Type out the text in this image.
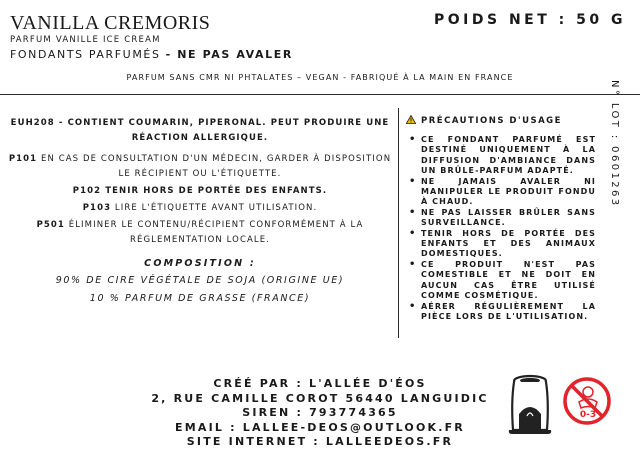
VANILLA CREMORIS
PARFUM VANILLE ICE CREAM
FONDANTS PARFUMÉS - NE PAS AVALER
POIDS NET : 50 G
PARFUM SANS CMR NI PHTALATES – VEGAN - FABRIQUÉ À LA MAIN EN FRANCE

EUH208 - CONTIENT COUMARIN, PIPERONAL. PEUT PRODUIRE UNE RÉACTION ALLERGIQUE.

P101 EN CAS DE CONSULTATION D'UN MÉDECIN, GARDER À DISPOSITION LE RÉCIPIENT OU L'ÉTIQUETTE.

P102 TENIR HORS DE PORTÉE DES ENFANTS.

P103 LIRE L'ÉTIQUETTE AVANT UTILISATION.

P501 ÉLIMINER LE CONTENU/RÉCIPIENT CONFORMÉMENT À LA RÉGLEMENTATION LOCALE.

COMPOSITION :

90% DE CIRE VÉGÉTALE DE SOJA (ORIGINE UE)

10 % PARFUM DE GRASSE (FRANCE)

PRÉCAUTIONS D'USAGE
• CE FONDANT PARFUMÉ EST DESTINÉ UNIQUEMENT À LA DIFFUSION D'AMBIANCE DANS UN BRÛLE-PARFUM ADAPTÉ.
• NE JAMAIS AVALER NI MANIPULER LE PRODUIT FONDU À CHAUD.
• NE PAS LAISSER BRÛLER SANS SURVEILLANCE.
• TENIR HORS DE PORTÉE DES ENFANTS ET DES ANIMAUX DOMESTIQUES.
• CE PRODUIT N'EST PAS COMESTIBLE ET NE DOIT EN AUCUN CAS ÊTRE UTILISÉ COMME COSMÉTIQUE.
• AÉRER RÉGULIÈREMENT LA PIÈCE LORS DE L'UTILISATION.
N° LOT : 0601263
CRÉÉ PAR : L'ALLÉE D'ÉOS
2, RUE CAMILLE COROT 56440 LANGUIDIC
SIREN : 793774365
EMAIL : LALLEE-DEOS@OUTLOOK.FR
SITE INTERNET : LALLEEDEOS.FR
0-3
